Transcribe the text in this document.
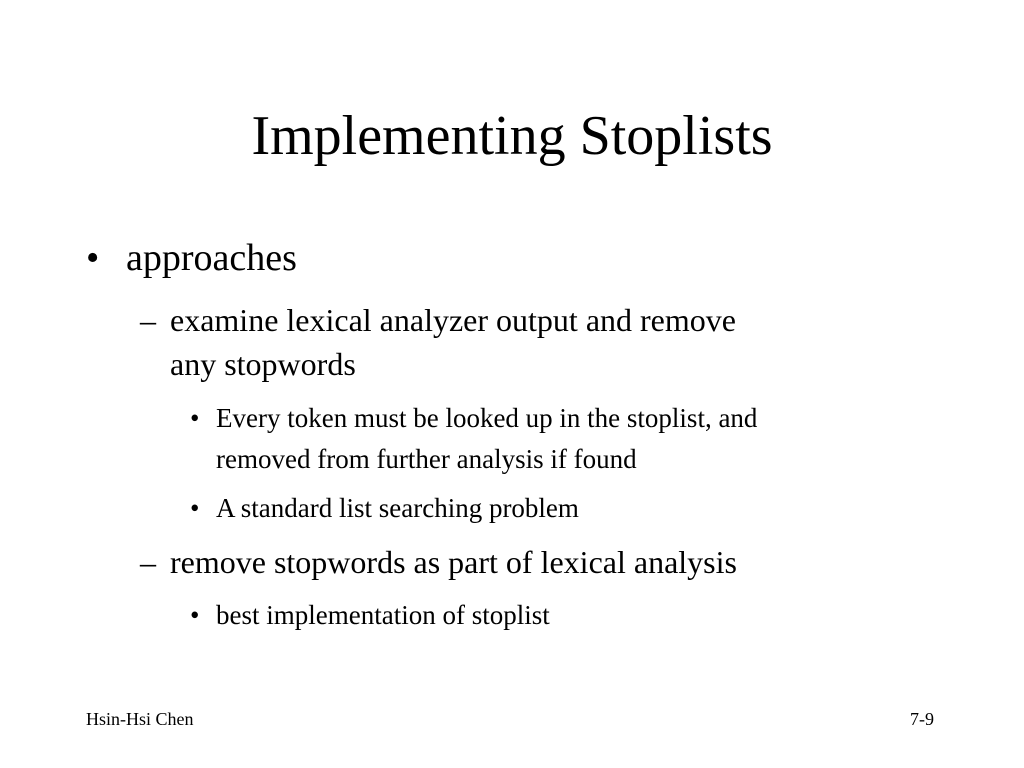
Implementing Stoplists
• approaches
– examine lexical analyzer output and remove
any stopwords
• Every token must be looked up in the stoplist, and
removed from further analysis if found
• A standard list searching problem
– remove stopwords as part of lexical analysis
• best implementation of stoplist
Hsin-Hsi Chen	7-9
